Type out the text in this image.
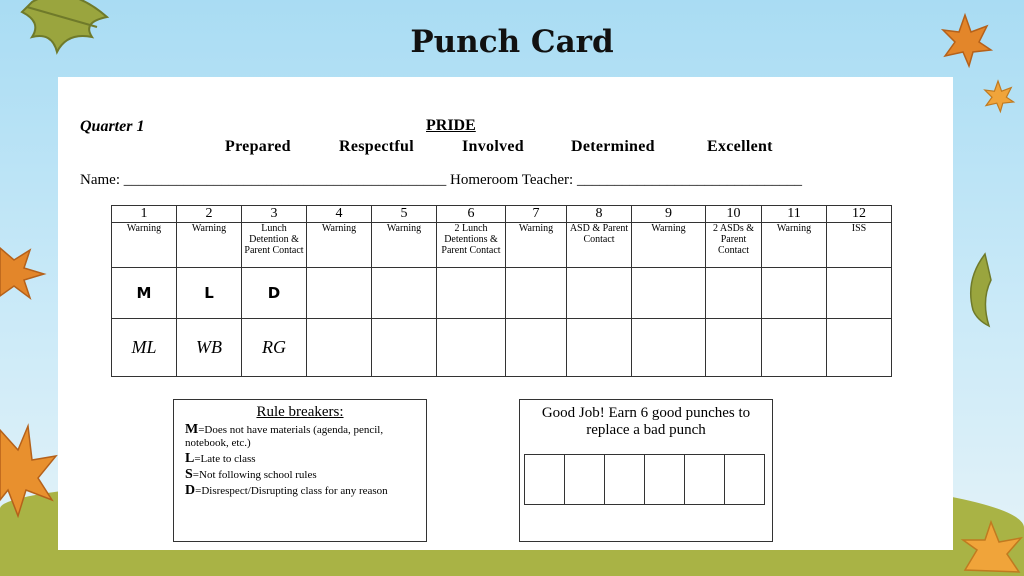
Punch Card
Quarter 1	PRIDE
Prepared	Respectful	Involved	Determined	Excellent
Name: ___________________________________________ Homeroom Teacher: ______________________________
1	2	3	4	5	6	7	8	9	10	11	12
Warning	Warning	Lunch Detention & Parent Contact	Warning	Warning	2 Lunch Detentions & Parent Contact	Warning	ASD & Parent Contact	Warning	2 ASDs & Parent Contact	Warning	ISS
M	L	D									
ML	WB	RG									
Rule breakers:
M=Does not have materials (agenda, pencil, notebook, etc.)
L=Late to class
S=Not following school rules
D=Disrespect/Disrupting class for any reason
Good Job! Earn 6 good punches to replace a bad punch
